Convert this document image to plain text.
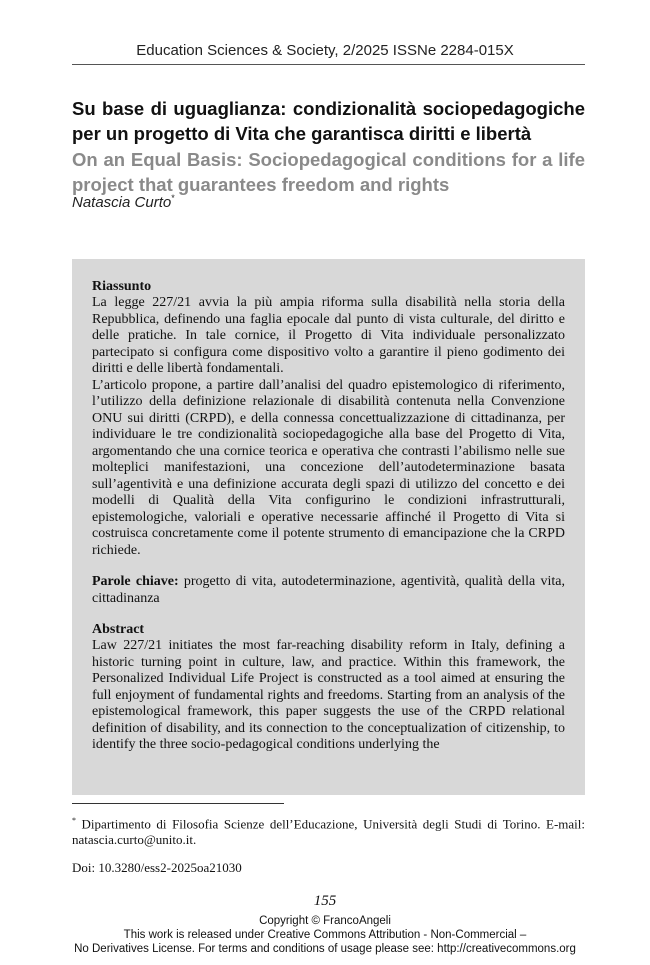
Education Sciences & Society, 2/2025 ISSNe 2284-015X
Su base di uguaglianza: condizionalità sociopedagogiche per un progetto di Vita che garantisca diritti e libertà
On an Equal Basis: Sociopedagogical conditions for a life project that guarantees freedom and rights
Natascia Curto*
Riassunto

La legge 227/21 avvia la più ampia riforma sulla disabilità nella storia della Repubblica, definendo una faglia epocale dal punto di vista culturale, del diritto e delle pratiche. In tale cornice, il Progetto di Vita individuale personalizzato partecipato si configura come dispositivo volto a garantire il pieno godimento dei diritti e delle libertà fondamentali.

L’articolo propone, a partire dall’analisi del quadro epistemologico di riferimento, l’utilizzo della definizione relazionale di disabilità contenuta nella Convenzione ONU sui diritti (CRPD), e della connessa concettualizzazione di cittadinanza, per individuare le tre condizionalità sociopedagogiche alla base del Progetto di Vita, argomentando che una cornice teorica e operativa che contrasti l’abilismo nelle sue molteplici manifestazioni, una concezione dell’autodeterminazione basata sull’agentività e una definizione accurata degli spazi di utilizzo del concetto e dei modelli di Qualità della Vita configurino le condizioni infrastrutturali, epistemologiche, valoriali e operative necessarie affinché il Progetto di Vita si costruisca concretamente come il potente strumento di emancipazione che la CRPD richiede.

Parole chiave: progetto di vita, autodeterminazione, agentività, qualità della vita, cittadinanza

Abstract

Law 227/21 initiates the most far-reaching disability reform in Italy, defining a historic turning point in culture, law, and practice. Within this framework, the Personalized Individual Life Project is constructed as a tool aimed at ensuring the full enjoyment of fundamental rights and freedoms. Starting from an analysis of the epistemological framework, this paper suggests the use of the CRPD relational definition of disability, and its connection to the conceptualization of citizenship, to identify the three socio-pedagogical conditions underlying the

* Dipartimento di Filosofia Scienze dell’Educazione, Università degli Studi di Torino. E-mail: natascia.curto@unito.it.
Doi: 10.3280/ess2-2025oa21030
155
Copyright © FrancoAngeli
This work is released under Creative Commons Attribution - Non-Commercial –
No Derivatives License. For terms and conditions of usage please see: http://creativecommons.org
